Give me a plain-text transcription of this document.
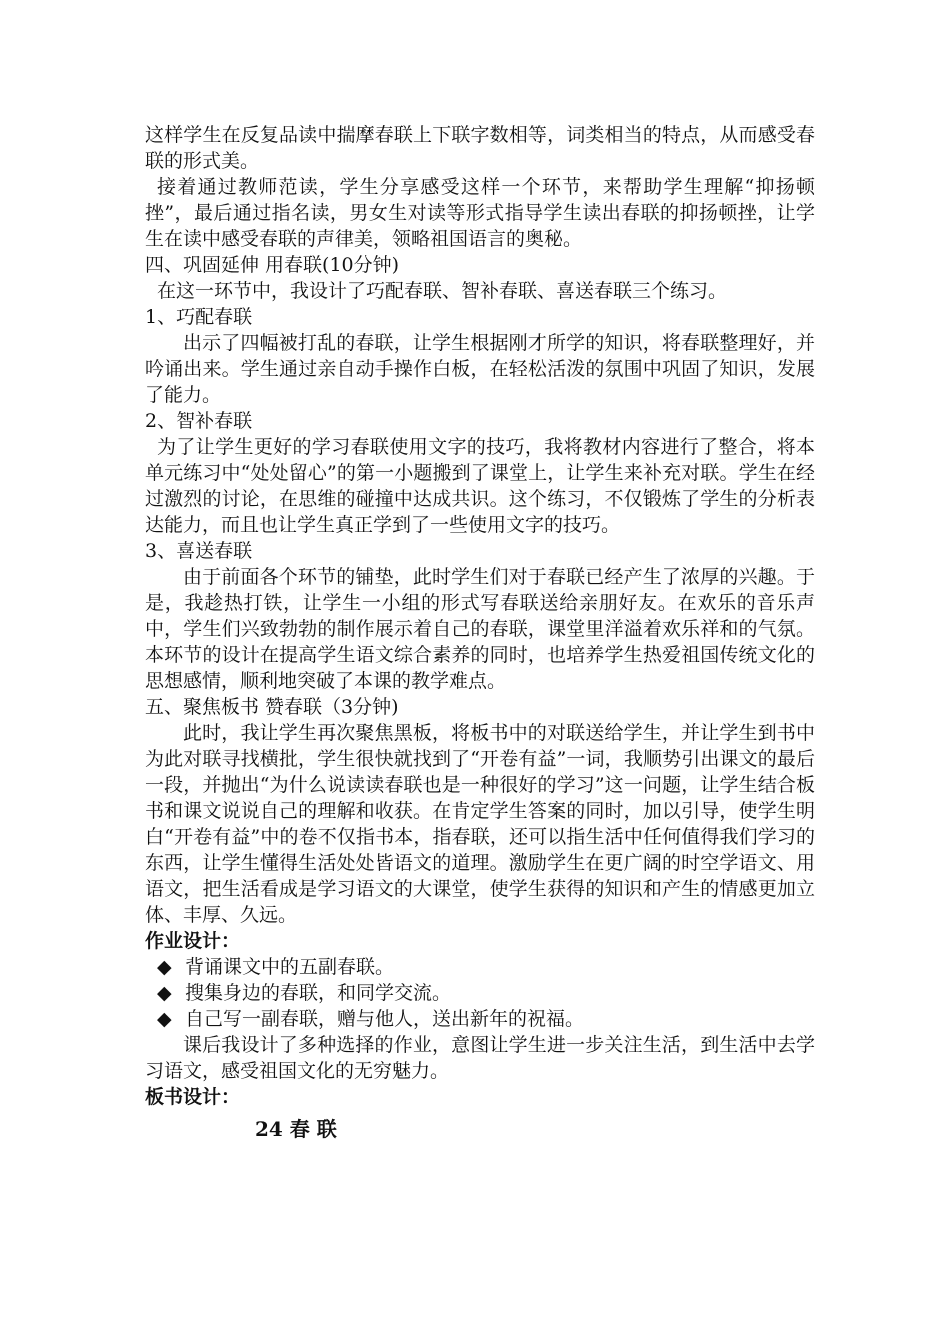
这样学生在反复品读中揣摩春联上下联字数相等，词类相当的特点，从而感受春联的形式美。

接着通过教师范读，学生分享感受这样一个环节，来帮助学生理解“抑扬顿挫”，最后通过指名读，男女生对读等形式指导学生读出春联的抑扬顿挫，让学生在读中感受春联的声律美，领略祖国语言的奥秘。

四、巩固延伸 用春联(10分钟)

在这一环节中，我设计了巧配春联、智补春联、喜送春联三个练习。

1、巧配春联

出示了四幅被打乱的春联，让学生根据刚才所学的知识，将春联整理好，并吟诵出来。学生通过亲自动手操作白板，在轻松活泼的氛围中巩固了知识，发展了能力。

2、智补春联

为了让学生更好的学习春联使用文字的技巧，我将教材内容进行了整合，将本单元练习中“处处留心”的第一小题搬到了课堂上，让学生来补充对联。学生在经过激烈的讨论，在思维的碰撞中达成共识。这个练习，不仅锻炼了学生的分析表达能力，而且也让学生真正学到了一些使用文字的技巧。

3、喜送春联

由于前面各个环节的铺垫，此时学生们对于春联已经产生了浓厚的兴趣。于是，我趁热打铁，让学生一小组的形式写春联送给亲朋好友。在欢乐的音乐声中，学生们兴致勃勃的制作展示着自己的春联，课堂里洋溢着欢乐祥和的气氛。本环节的设计在提高学生语文综合素养的同时，也培养学生热爱祖国传统文化的思想感情，顺利地突破了本课的教学难点。

五、聚焦板书 赞春联（3分钟)

此时，我让学生再次聚焦黑板，将板书中的对联送给学生，并让学生到书中为此对联寻找横批，学生很快就找到了“开卷有益”一词，我顺势引出课文的最后一段，并抛出“为什么说读读春联也是一种很好的学习”这一问题，让学生结合板书和课文说说自己的理解和收获。在肯定学生答案的同时，加以引导，使学生明白“开卷有益”中的卷不仅指书本，指春联，还可以指生活中任何值得我们学习的东西，让学生懂得生活处处皆语文的道理。激励学生在更广阔的时空学语文、用语文，把生活看成是学习语文的大课堂，使学生获得的知识和产生的情感更加立体、丰厚、久远。

作业设计：

◆ 背诵课文中的五副春联。

◆ 搜集身边的春联，和同学交流。

◆ 自己写一副春联，赠与他人，送出新年的祝福。

课后我设计了多种选择的作业，意图让学生进一步关注生活，到生活中去学习语文，感受祖国文化的无穷魅力。

板书设计：

24 春 联
